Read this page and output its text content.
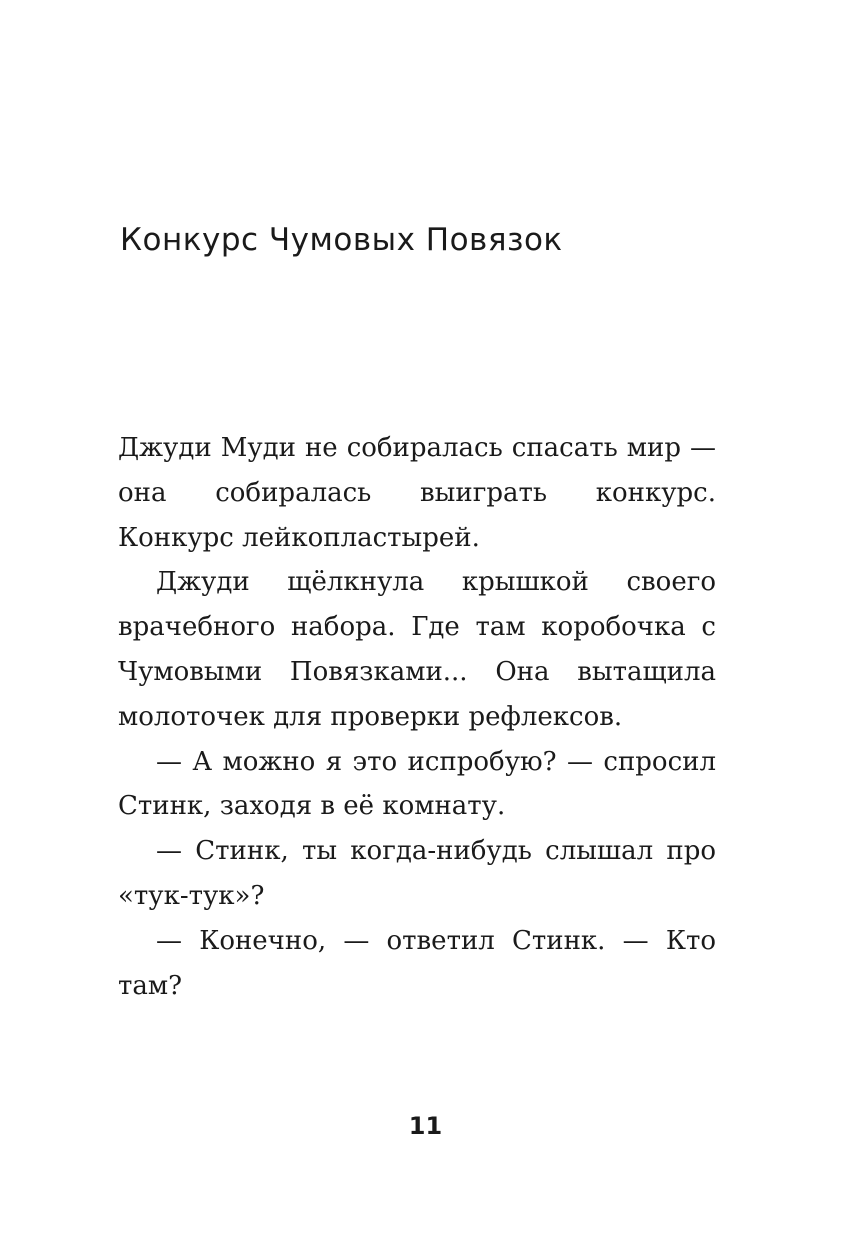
Конкурс Чумовых Повязок

Джуди Муди не собиралась спасать мир — она собиралась выиграть конкурс. Конкурс лейкопластырей.

Джуди щёлкнула крышкой своего врачебного набора. Где там коробочка с Чумовыми Повязками... Она вытащила молоточек для проверки рефлексов.

— А можно я это испробую? — спросил Стинк, заходя в её комнату.

— Стинк, ты когда-нибудь слышал про «тук-тук»?

— Конечно, — ответил Стинк. — Кто там?

11
